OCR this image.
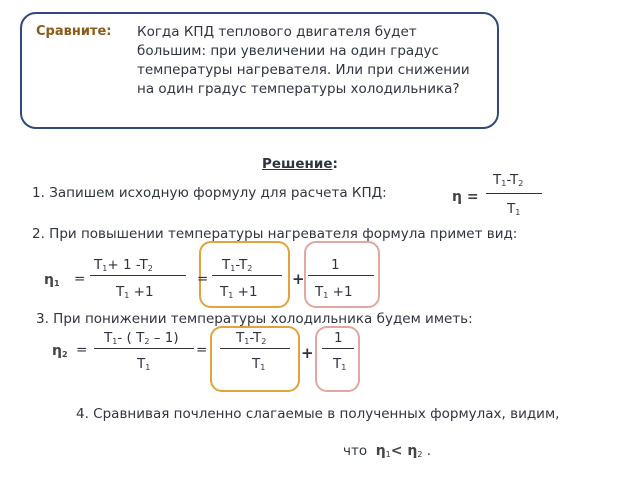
Сравните: Когда КПД теплового двигателя будет большим: при увеличении на один градус температуры нагревателя. Или при снижении на один градус температуры холодильника?
Решение:
1. Запишем исходную формулу для расчета КПД:	η =
$T_1-T_2$
$T_1$
2. При повышении температуры нагревателя формула примет вид:
$\eta_1$ =
$T_1+ 1$ $-T_2$
$T_1 +1$
=
$T_1-T_2$
$T_1 +1$
+
1
$T_1 +1$
3. При понижении температуры холодильника будем иметь:
$\eta_2$ =
$T_1-$ ( $T_2 - 1$)
$T_1$
=
$T_1-T_2$
$T_1$
+
1
$T_1$
4. Сравнивая почленно слагаемые в полученных формулах, видим,
что $\eta_1< \eta_2$ .
